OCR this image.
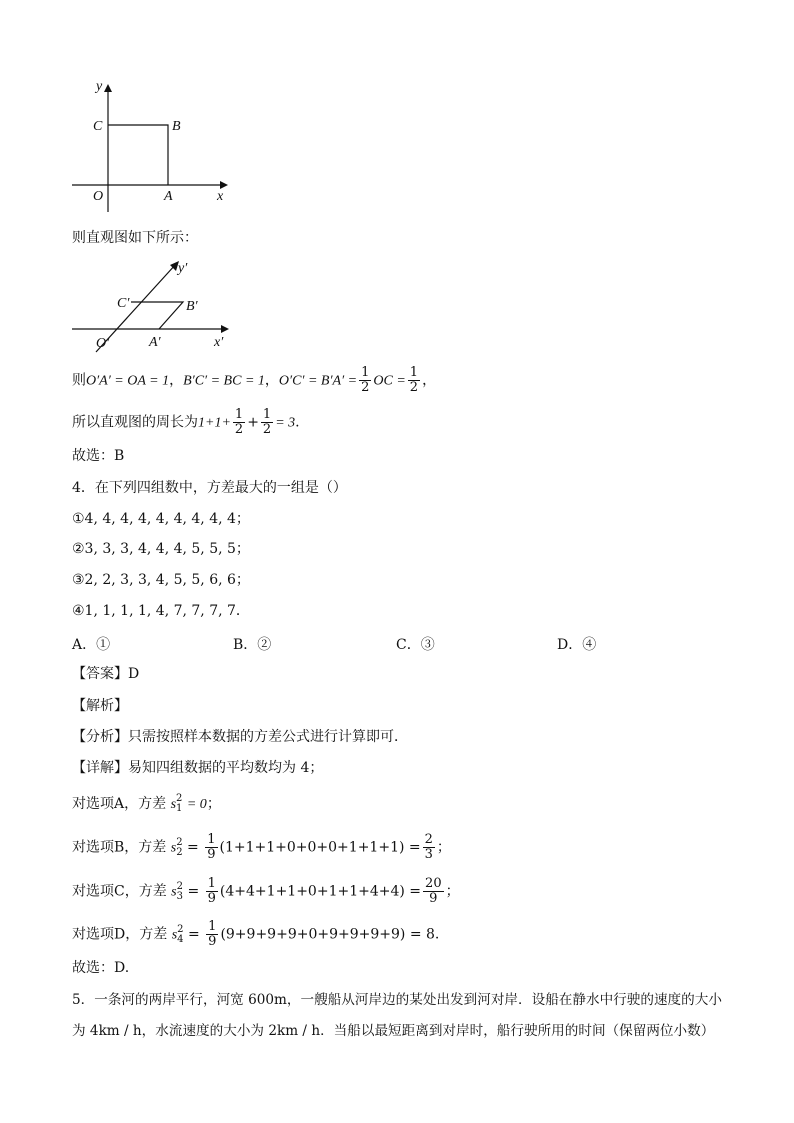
y
C	B
O	A	x
则直观图如下所示：
y′
C′	B′
O′	A′	x′
则O′A′ = OA = 1，B′C′ = BC = 1，$O'C' = B'A' = \frac{1}{2}$ OC = $\frac{1}{2}$ ，
所以直观图的周长为$1+1+ \frac{1}{2} + \frac{1}{2} = 3$.
故选：B
4．在下列四组数中，方差最大的一组是（）
①4, 4, 4, 4, 4, 4, 4, 4, 4；
②3, 3, 3, 4, 4, 4, 5, 5, 5；
③2, 2, 3, 3, 4, 5, 5, 6, 6；
④1, 1, 1, 1, 4, 7, 7, 7, 7．
A．①	B．②	C．③	D．④
【答案】D
【解析】
【分析】只需按照样本数据的方差公式进行计算即可．
【详解】易知四组数据的平均数均为 4；
对选项A，方差 s 2
1 = 0；
对选项B，方差 s 2
$2 = \frac{1}{9} (1+1+1+0+0+0+1+1+1) = \frac{2}{3}$ ；
对选项C，方差 s 2
$3 = \frac{1}{9} (4+4+1+1+0+1+1+4+4) = \frac{20}{9}$ ；
对选项D，方差 s 2
$4 = \frac{1}{9} (9+9+9+9+0+9+9+9+9) = 8$.
故选：D.
5．一条河的两岸平行，河宽 600m，一艘船从河岸边的某处出发到河对岸．设船在静水中行驶的速度的大小
为 4km / h，水流速度的大小为 2km / h．当船以最短距离到对岸时，船行驶所用的时间（保留两位小数）
